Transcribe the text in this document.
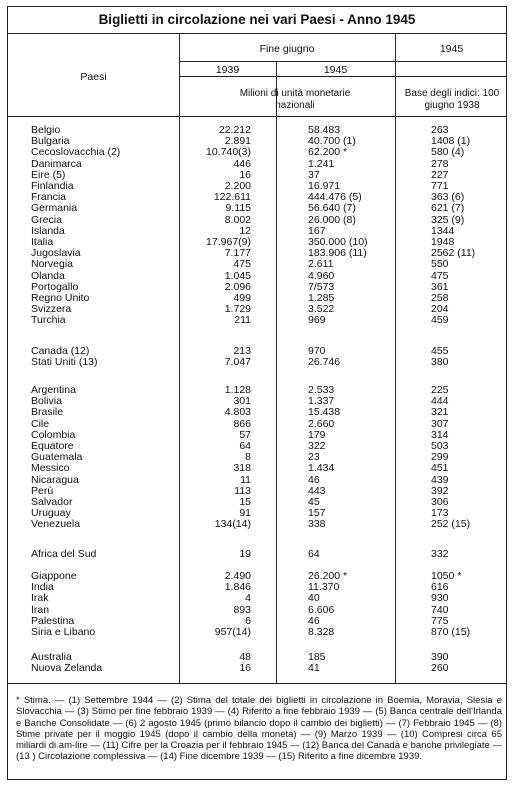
Biglietti in circolazione nei vari Paesi - Anno 1945
Paesi
Fine giugno
1939	1945
1945
Milioni di unità monetarie nazionali
Base degli indici: 100 giugno 1938
Belgio	22.212	58.483	263
Bulgaria	2.891	40.700 (1)	1408 (1)
Cecoslovacchia (2)	10.740(3)	62.200 *	580 (4)
Danimarca	446	1.241	278
Eire (5)	16	37	227
Finlandia	2.200	16.971	771
Francia	122.611	444.476 (5)	363 (6)
Germania	9.115	56.640 (7)	621 (7)
Grecia	8.002	26.000 (8)	325 (9)
Islanda	12	167	1344
Italia	17.967(9)	350.000 (10)	1948
Jugoslavia	7.177	183.906 (11)	2562 (11)
Norvegia	475	2.611	550
Olanda	1.045	4.960	475
Portogallo	2.096	7/573	361
Regno Unito	499	1.285	258
Svizzera	1.729	3.522	204
Turchia	211	969	459
Canada (12)	213	970	455
Stati Uniti (13)	7.047	26.746	380
Argentina	1.128	2.533	225
Bolivia	301	1.337	444
Brasile	4.803	15.438	321
Cile	866	2.660	307
Colombia	57	179	314
Equatore	64	322	503
Guatemala	8	23	299
Messico	318	1.434	451
Nicaragua	11	46	439
Perù	113	443	392
Salvador	15	45	306
Uruguay	91	157	173
Venezuela	134(14)	338	252 (15)
Africa del Sud	19	64	332
Giappone	2.490	26.200 *	1050 *
India	1.846	11.370	616
Irak	4	40	930
Iran	893	6.606	740
Palestina	6	46	775
Siria e Libano	957(14)	8.328	870 (15)
Australia	48	185	390
Nuova Zelanda	16	41	260
* Stima. — (1) Settembre 1944 — (2) Stima del totale dei biglietti in circolazione in Boemia, Moravia, Slesia e Slovacchia — (3) Stimo per fine febbraio 1939 — (4) Riferito a fine febbraio 1939 — (5) Banca centrale dell'Irlanda e Banche Consolidate — (6) 2 agosto 1945 (primo bilancio dopo il cambio dei biglietti) — (7) Febbraio 1945 — (8) Stime private per il moggio 1945 (dopo il cambio della moneta) — (9) Marzo 1939 — (10) Compresi circa 65 miliardi di am-lire — (11) Cifre per la Croazia per il febbraio 1945 — (12) Banca del Canadà e banche privilegiate — (13 ) Circolazione complessiva — (14) Fine dicembre 1939 — (15) Riferito a fine dicembre 1939.
